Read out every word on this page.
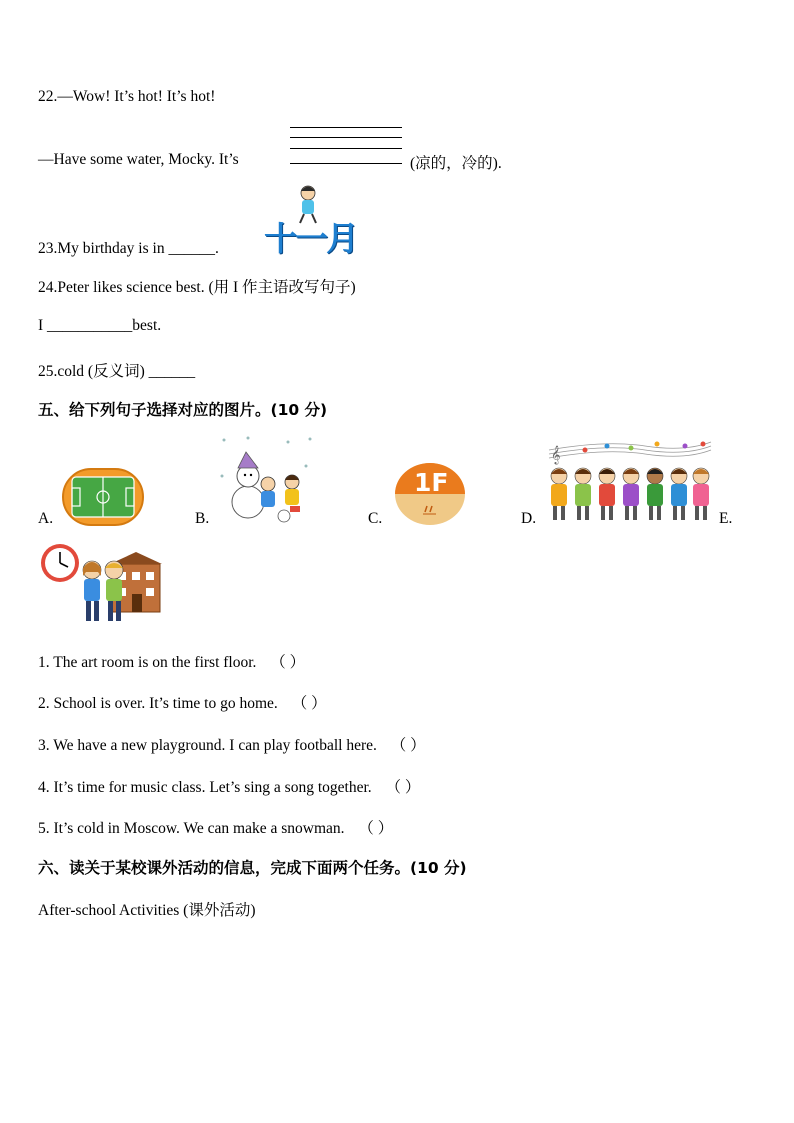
22.—Wow! It’s hot! It’s hot!
—Have some water, Mocky. It’s	(凉的，冷的).
23.My birthday is in ______. 十一月
24.Peter likes science best. (用 I 作主语改写句子)
I ___________best.
25.cold (反义词) ______
五、给下列句子选择对应的图片。(10 分)
A.	B.	C.
1F
D.
𝄞
E.
1. The art room is on the first floor. （ ）
2. School is over. It’s time to go home. （ ）
3. We have a new playground. I can play football here. （ ）
4. It’s time for music class. Let’s sing a song together. （ ）
5. It’s cold in Moscow. We can make a snowman. （ ）
六、读关于某校课外活动的信息，完成下面两个任务。(10 分)
After-school Activities (课外活动)
